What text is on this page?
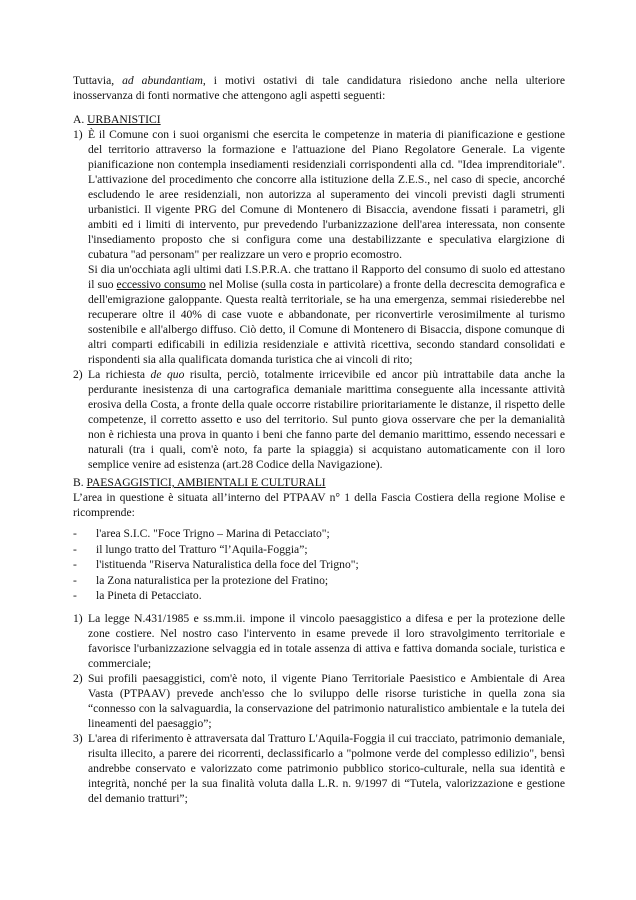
Tuttavia, ad abundantiam, i motivi ostativi di tale candidatura risiedono anche nella ulteriore inosservanza di fonti normative che attengono agli aspetti seguenti:

A. URBANISTICI

1) È il Comune con i suoi organismi che esercita le competenze in materia di pianificazione e gestione del territorio attraverso la formazione e l'attuazione del Piano Regolatore Generale. La vigente pianificazione non contempla insediamenti residenziali corrispondenti alla cd. "Idea imprenditoriale". L'attivazione del procedimento che concorre alla istituzione della Z.E.S., nel caso di specie, ancorché escludendo le aree residenziali, non autorizza al superamento dei vincoli previsti dagli strumenti urbanistici. Il vigente PRG del Comune di Montenero di Bisaccia, avendone fissati i parametri, gli ambiti ed i limiti di intervento, pur prevedendo l'urbanizzazione dell'area interessata, non consente l'insediamento proposto che si configura come una destabilizzante e speculativa elargizione di cubatura "ad personam" per realizzare un vero e proprio ecomostro.

Si dia un'occhiata agli ultimi dati I.S.P.R.A. che trattano il Rapporto del consumo di suolo ed attestano il suo eccessivo consumo nel Molise (sulla costa in particolare) a fronte della decrescita demografica e dell'emigrazione galoppante. Questa realtà territoriale, se ha una emergenza, semmai risiederebbe nel recuperare oltre il 40% di case vuote e abbandonate, per riconvertirle verosimilmente al turismo sostenibile e all'albergo diffuso. Ciò detto, il Comune di Montenero di Bisaccia, dispone comunque di altri comparti edificabili in edilizia residenziale e attività ricettiva, secondo standard consolidati e rispondenti sia alla qualificata domanda turistica che ai vincoli di rito;

2) La richiesta de quo risulta, perciò, totalmente irricevibile ed ancor più intrattabile data anche la perdurante inesistenza di una cartografica demaniale marittima conseguente alla incessante attività erosiva della Costa, a fronte della quale occorre ristabilire prioritariamente le distanze, il rispetto delle competenze, il corretto assetto e uso del territorio. Sul punto giova osservare che per la demanialità non è richiesta una prova in quanto i beni che fanno parte del demanio marittimo, essendo necessari e naturali (tra i quali, com'è noto, fa parte la spiaggia) si acquistano automaticamente con il loro semplice venire ad esistenza (art.28 Codice della Navigazione).

B. PAESAGGISTICI, AMBIENTALI E CULTURALI

L’area in questione è situata all’interno del PTPAAV n° 1 della Fascia Costiera della regione Molise e ricomprende:

- l'area S.I.C. "Foce Trigno – Marina di Petacciato";
- il lungo tratto del Tratturo “l’Aquila-Foggia”;
- l'istituenda "Riserva Naturalistica della foce del Trigno";
- la Zona naturalistica per la protezione del Fratino;
- la Pineta di Petacciato.
1) La legge N.431/1985 e ss.mm.ii. impone il vincolo paesaggistico a difesa e per la protezione delle zone costiere. Nel nostro caso l'intervento in esame prevede il loro stravolgimento territoriale e favorisce l'urbanizzazione selvaggia ed in totale assenza di attiva e fattiva domanda sociale, turistica e commerciale;

2) Sui profili paesaggistici, com'è noto, il vigente Piano Territoriale Paesistico e Ambientale di Area Vasta (PTPAAV) prevede anch'esso che lo sviluppo delle risorse turistiche in quella zona sia “connesso con la salvaguardia, la conservazione del patrimonio naturalistico ambientale e la tutela dei lineamenti del paesaggio”;

3) L'area di riferimento è attraversata dal Tratturo L'Aquila-Foggia il cui tracciato, patrimonio demaniale, risulta illecito, a parere dei ricorrenti, declassificarlo a "polmone verde del complesso edilizio", bensì andrebbe conservato e valorizzato come patrimonio pubblico storico-culturale, nella sua identità e integrità, nonché per la sua finalità voluta dalla L.R. n. 9/1997 di “Tutela, valorizzazione e gestione del demanio tratturi”;
